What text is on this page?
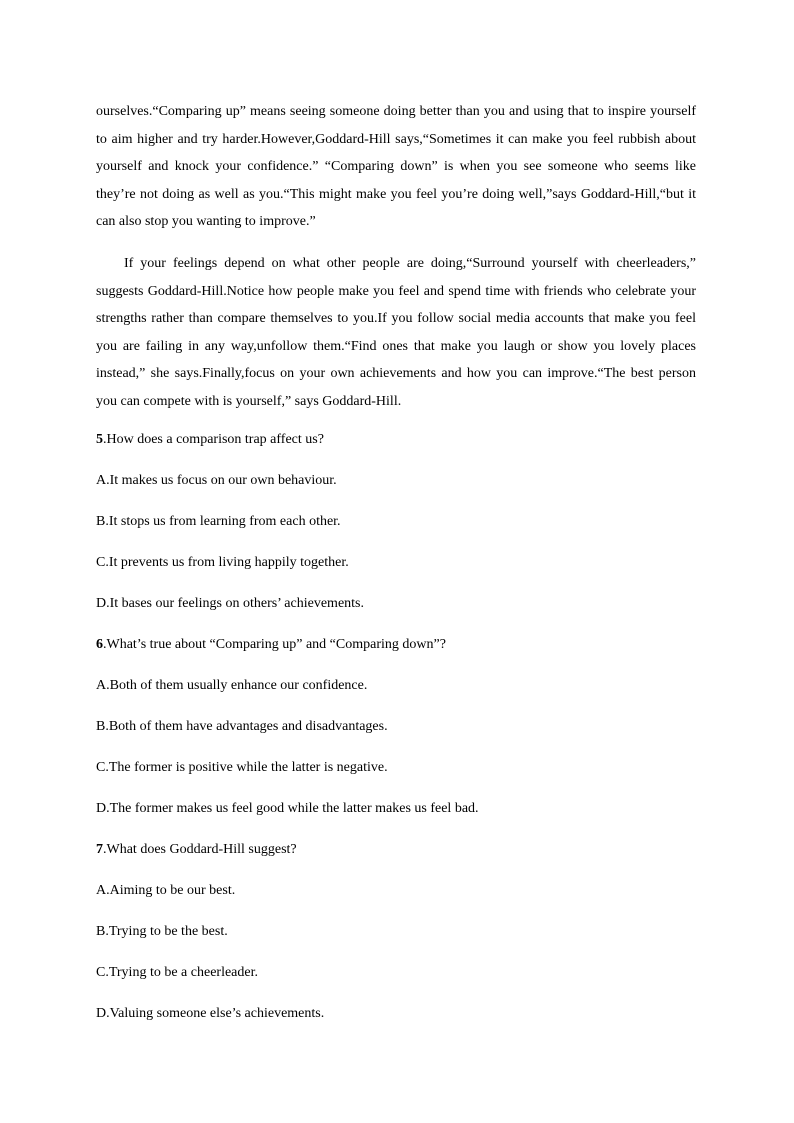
ourselves.“Comparing up” means seeing someone doing better than you and using that to inspire yourself to aim higher and try harder.However,Goddard-Hill says,“Sometimes it can make you feel rubbish about yourself and knock your confidence.” “Comparing down” is when you see someone who seems like they’re not doing as well as you.“This might make you feel you’re doing well,”says Goddard-Hill,“but it can also stop you wanting to improve.”

If your feelings depend on what other people are doing,“Surround yourself with cheerleaders,” suggests Goddard-Hill.Notice how people make you feel and spend time with friends who celebrate your strengths rather than compare themselves to you.If you follow social media accounts that make you feel you are failing in any way,unfollow them.“Find ones that make you laugh or show you lovely places instead,” she says.Finally,focus on your own achievements and how you can improve.“The best person you can compete with is yourself,” says Goddard-Hill.

5.How does a comparison trap affect us?
A.It makes us focus on our own behaviour.
B.It stops us from learning from each other.
C.It prevents us from living happily together.
D.It bases our feelings on others’ achievements.
6.What’s true about “Comparing up” and “Comparing down”?
A.Both of them usually enhance our confidence.
B.Both of them have advantages and disadvantages.
C.The former is positive while the latter is negative.
D.The former makes us feel good while the latter makes us feel bad.
7.What does Goddard-Hill suggest?
A.Aiming to be our best.
B.Trying to be the best.
C.Trying to be a cheerleader.
D.Valuing someone else’s achievements.
